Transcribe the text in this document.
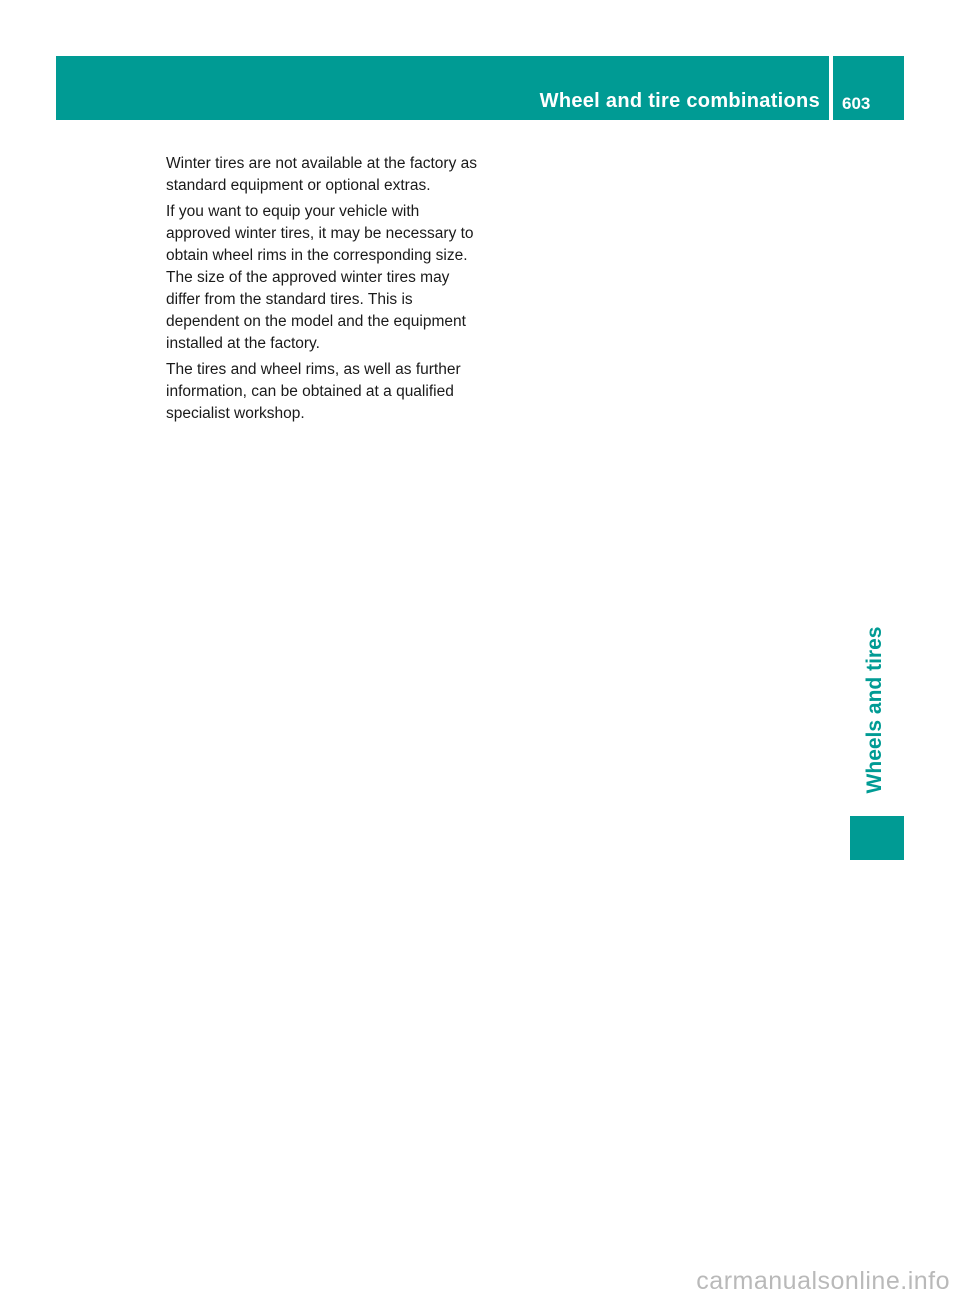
Wheel and tire combinations 603

Winter tires are not available at the factory as standard equipment or optional extras.

If you want to equip your vehicle with approved winter tires, it may be necessary to obtain wheel rims in the corresponding size. The size of the approved winter tires may differ from the standard tires. This is dependent on the model and the equipment installed at the factory.

The tires and wheel rims, as well as further information, can be obtained at a qualified specialist workshop.

Wheels and tires
carmanualsonline.info
